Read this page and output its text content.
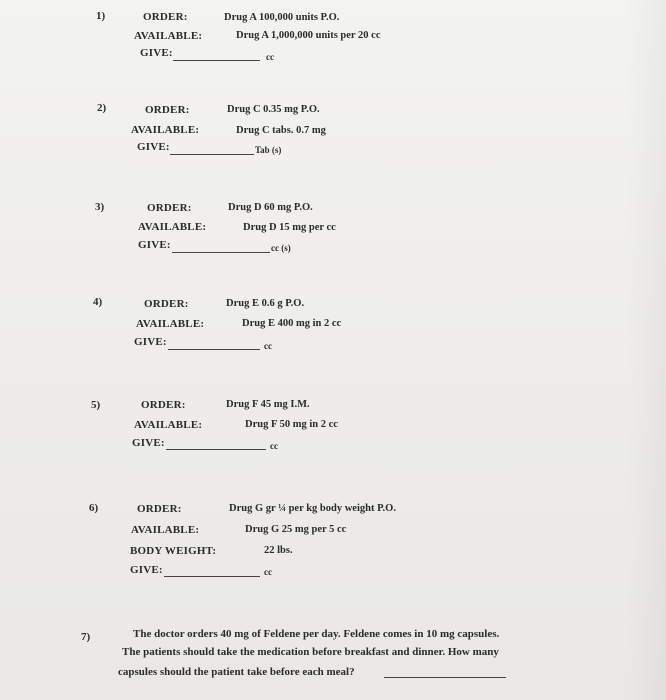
1)	ORDER:	Drug A 100,000 units P.O.
AVAILABLE:	Drug A 1,000,000 units per 20 cc
GIVE:	cc
2)	ORDER:	Drug C 0.35 mg P.O.
AVAILABLE:	Drug C tabs. 0.7 mg
GIVE:	Tab (s)
3)	ORDER:	Drug D 60 mg P.O.
AVAILABLE:	Drug D 15 mg per cc
GIVE:	cc (s)
4)	ORDER:	Drug E 0.6 g P.O.
AVAILABLE:	Drug E 400 mg in 2 cc
GIVE:	cc
5)	ORDER:	Drug F 45 mg I.M.
AVAILABLE:	Drug F 50 mg in 2 cc
GIVE:	cc
6)	ORDER:	Drug G gr ¼ per kg body weight P.O.
AVAILABLE:	Drug G 25 mg per 5 cc
BODY WEIGHT:	22 lbs.
GIVE:	cc
7)	The doctor orders 40 mg of Feldene per day. Feldene comes in 10 mg capsules.
The patients should take the medication before breakfast and dinner. How many
capsules should the patient take before each meal?
